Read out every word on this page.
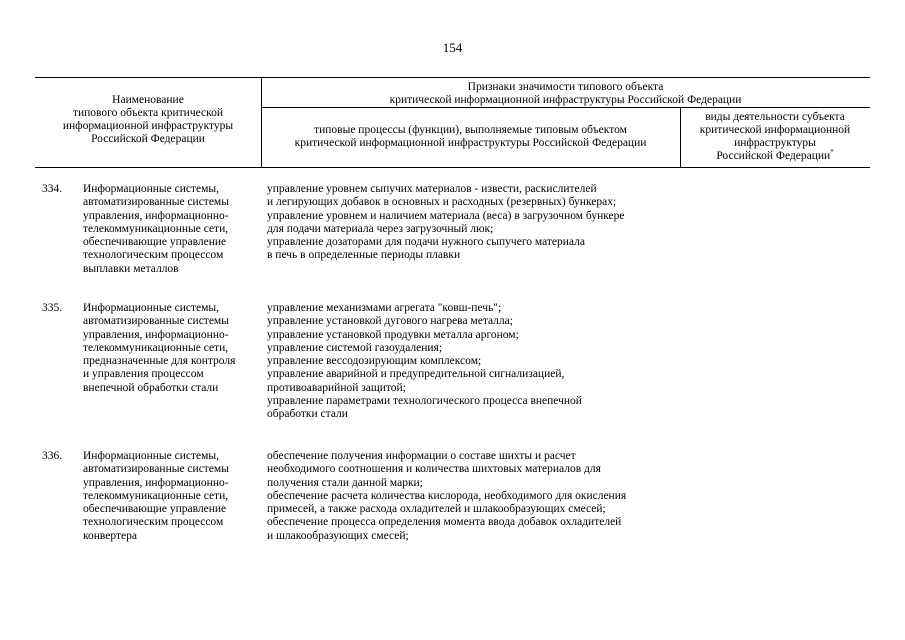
154
Наименование
типового объекта критической
информационной инфраструктуры
Российской Федерации
Признаки значимости типового объекта
критической информационной инфраструктуры Российской Федерации
типовые процессы (функции), выполняемые типовым объектом
критической информационной инфраструктуры Российской Федерации
виды деятельности субъекта
критической информационной
инфраструктуры
Российской Федерации*
334. Информационные системы,
автоматизированные системы
управления, информационно-
телекоммуникационные сети,
обеспечивающие управление
технологическим процессом
выплавки металлов
управление уровнем сыпучих материалов - извести, раскислителей
и легирующих добавок в основных и расходных (резервных) бункерах;
управление уровнем и наличием материала (веса) в загрузочном бункере
для подачи материала через загрузочный люк;
управление дозаторами для подачи нужного сыпучего материала
в печь в определенные периоды плавки
335. Информационные системы,
автоматизированные системы
управления, информационно-
телекоммуникационные сети,
предназначенные для контроля
и управления процессом
внепечной обработки стали
управление механизмами агрегата "ковш-печь";
управление установкой дугового нагрева металла;
управление установкой продувки металла аргоном;
управление системой газоудаления;
управление вессодозирующим комплексом;
управление аварийной и предупредительной сигнализацией,
противоаварийной защитой;
управление параметрами технологического процесса внепечной
обработки стали
336. Информационные системы,
автоматизированные системы
управления, информационно-
телекоммуникационные сети,
обеспечивающие управление
технологическим процессом
конвертера
обеспечение получения информации о составе шихты и расчет
необходимого соотношения и количества шихтовых материалов для
получения стали данной марки;
обеспечение расчета количества кислорода, необходимого для окисления
примесей, а также расхода охладителей и шлакообразующих смесей;
обеспечение процесса определения момента ввода добавок охладителей
и шлакообразующих смесей;
